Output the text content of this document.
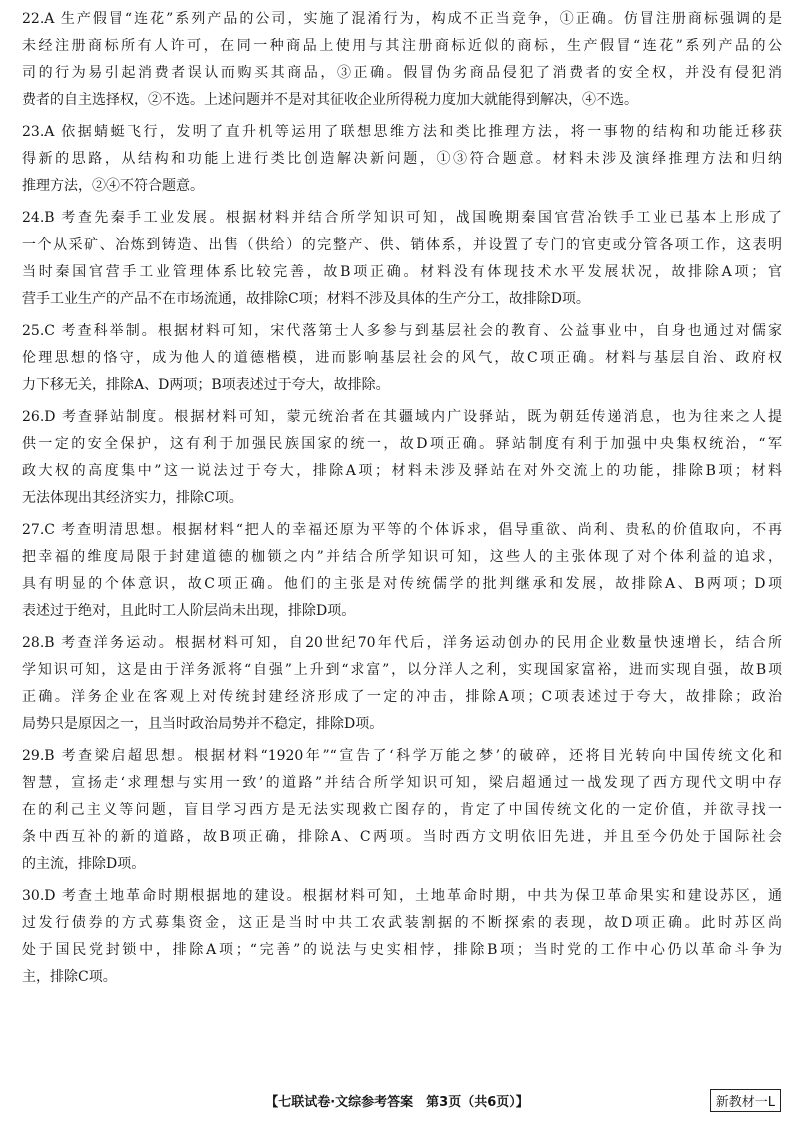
22.A 生产假冒“连花”系列产品的公司，实施了混淆行为，构成不正当竞争，①正确。仿冒注册商标强调的是
未经注册商标所有人许可，在同一种商品上使用与其注册商标近似的商标，生产假冒“连花”系列产品的公
司的行为易引起消费者误认而购买其商品，③正确。假冒伪劣商品侵犯了消费者的安全权，并没有侵犯消
费者的自主选择权，②不选。上述问题并不是对其征收企业所得税力度加大就能得到解决，④不选。
23.A 依据蜻蜓飞行，发明了直升机等运用了联想思维方法和类比推理方法，将一事物的结构和功能迁移获
得新的思路，从结构和功能上进行类比创造解决新问题，①③符合题意。材料未涉及演绎推理方法和归纳
推理方法，②④不符合题意。
24.B 考查先秦手工业发展。根据材料并结合所学知识可知，战国晚期秦国官营冶铁手工业已基本上形成了
一个从采矿、冶炼到铸造、出售（供给）的完整产、供、销体系，并设置了专门的官吏或分管各项工作，这表明
当时秦国官营手工业管理体系比较完善，故B项正确。材料没有体现技术水平发展状况，故排除A项；官
营手工业生产的产品不在市场流通，故排除C项；材料不涉及具体的生产分工，故排除D项。
25.C 考查科举制。根据材料可知，宋代落第士人多参与到基层社会的教育、公益事业中，自身也通过对儒家
伦理思想的恪守，成为他人的道德楷模，进而影响基层社会的风气，故C项正确。材料与基层自治、政府权
力下移无关，排除A、D两项；B项表述过于夸大，故排除。
26.D 考查驿站制度。根据材料可知，蒙元统治者在其疆域内广设驿站，既为朝廷传递消息，也为往来之人提
供一定的安全保护，这有利于加强民族国家的统一，故D项正确。驿站制度有利于加强中央集权统治，“军
政大权的高度集中”这一说法过于夸大，排除A项；材料未涉及驿站在对外交流上的功能，排除B项；材料
无法体现出其经济实力，排除C项。
27.C 考查明清思想。根据材料“把人的幸福还原为平等的个体诉求，倡导重欲、尚利、贵私的价值取向，不再
把幸福的维度局限于封建道德的枷锁之内”并结合所学知识可知，这些人的主张体现了对个体利益的追求，
具有明显的个体意识，故C项正确。他们的主张是对传统儒学的批判继承和发展，故排除A、B两项；D项
表述过于绝对，且此时工人阶层尚未出现，排除D项。
28.B 考查洋务运动。根据材料可知，自20世纪70年代后，洋务运动创办的民用企业数量快速增长，结合所
学知识可知，这是由于洋务派将“自强”上升到“求富”，以分洋人之利，实现国家富裕，进而实现自强，故B项
正确。洋务企业在客观上对传统封建经济形成了一定的冲击，排除A项；C项表述过于夸大，故排除；政治
局势只是原因之一，且当时政治局势并不稳定，排除D项。
29.B 考查梁启超思想。根据材料“1920年”“宣告了‘科学万能之梦’的破碎，还将目光转向中国传统文化和
智慧，宣扬走‘求理想与实用一致’的道路”并结合所学知识可知，梁启超通过一战发现了西方现代文明中存
在的利己主义等问题，盲目学习西方是无法实现救亡图存的，肯定了中国传统文化的一定价值，并欲寻找一
条中西互补的新的道路，故B项正确，排除A、C两项。当时西方文明依旧先进，并且至今仍处于国际社会
的主流，排除D项。
30.D 考查土地革命时期根据地的建设。根据材料可知，土地革命时期，中共为保卫革命果实和建设苏区，通
过发行债券的方式募集资金，这正是当时中共工农武装割据的不断探索的表现，故D项正确。此时苏区尚
处于国民党封锁中，排除A项；“完善”的说法与史实相悖，排除B项；当时党的工作中心仍以革命斗争为
主，排除C项。
【七联试卷·文综参考答案　第3页（共6页）】	新教材一L
